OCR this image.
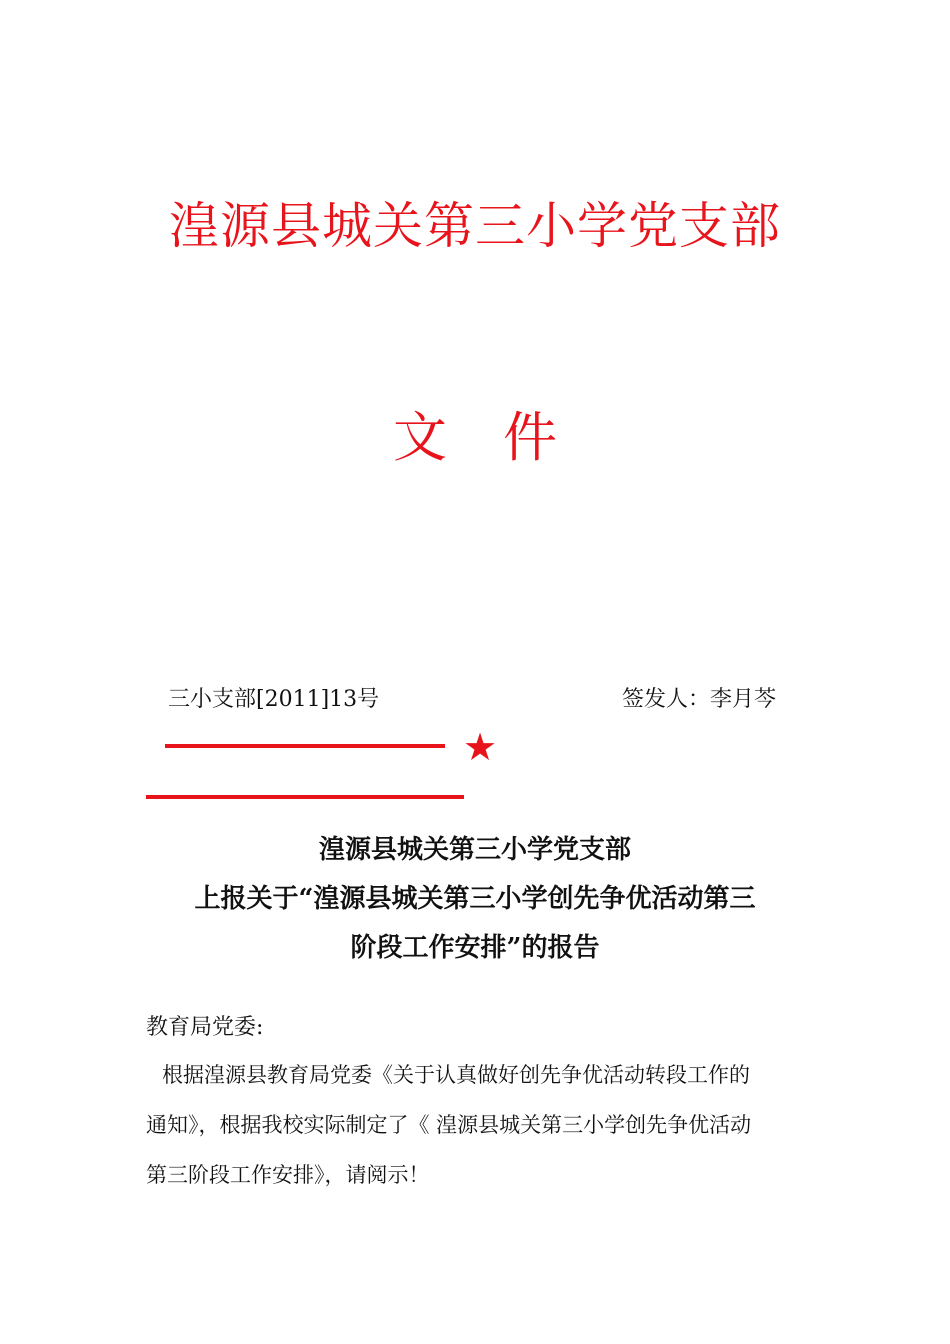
湟源县城关第三小学党支部
文 件
三小支部[2011]13号	签发人：李月芩
★
湟源县城关第三小学党支部
上报关于“湟源县城关第三小学创先争优活动第三
阶段工作安排”的报告
教育局党委:
根据湟源县教育局党委《关于认真做好创先争优活动转段工作的
通知》，根据我校实际制定了《 湟源县城关第三小学创先争优活动
第三阶段工作安排》，请阅示！
